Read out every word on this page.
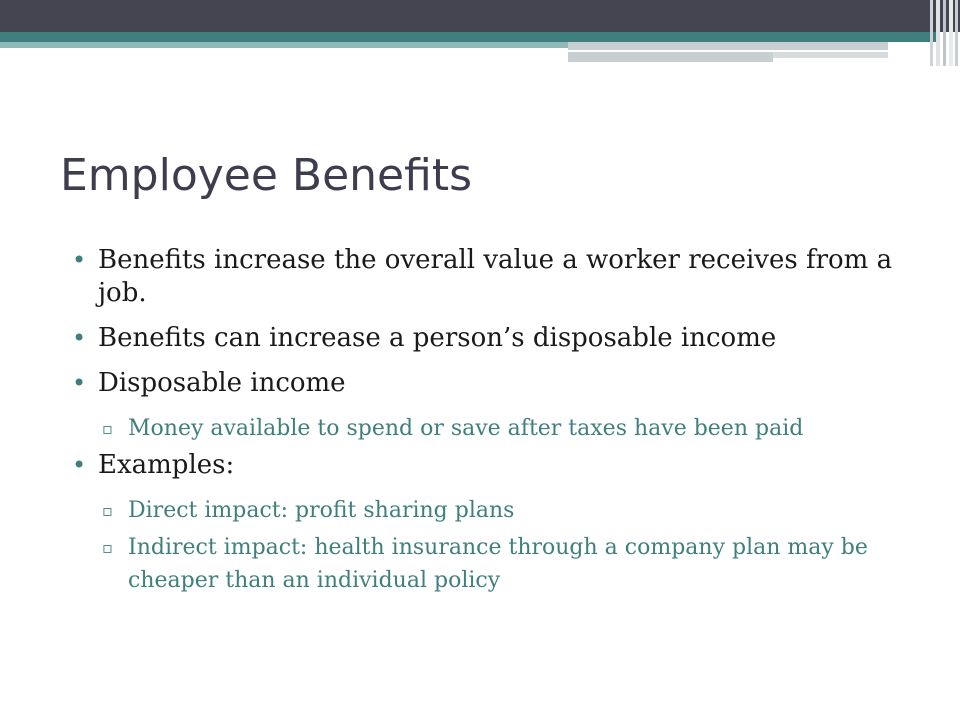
Employee Benefits
• Benefits increase the overall value a worker receives from a job.
• Benefits can increase a person’s disposable income
• Disposable income
▫ Money available to spend or save after taxes have been paid
• Examples:
▫ Direct impact: profit sharing plans
▫ Indirect impact: health insurance through a company plan may be cheaper than an individual policy
